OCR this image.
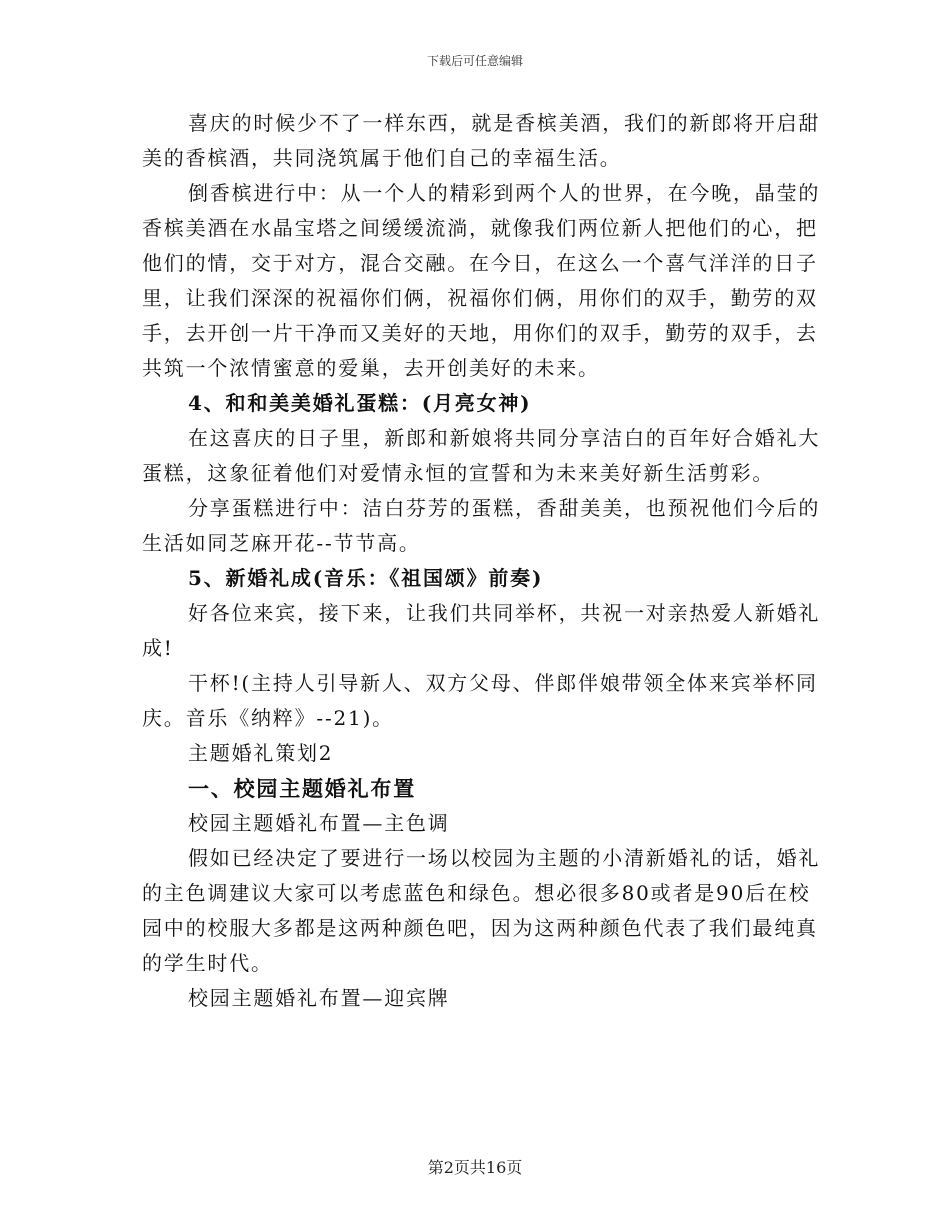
下载后可任意编辑

喜庆的时候少不了一样东西，就是香槟美酒，我们的新郎将开启甜美的香槟酒，共同浇筑属于他们自己的幸福生活。

倒香槟进行中：从一个人的精彩到两个人的世界，在今晚，晶莹的香槟美酒在水晶宝塔之间缓缓流淌，就像我们两位新人把他们的心，把他们的情，交于对方，混合交融。在今日，在这么一个喜气洋洋的日子里，让我们深深的祝福你们俩，祝福你们俩，用你们的双手，勤劳的双手，去开创一片干净而又美好的天地，用你们的双手，勤劳的双手，去共筑一个浓情蜜意的爱巢，去开创美好的未来。

4、和和美美婚礼蛋糕：(月亮女神)

在这喜庆的日子里，新郎和新娘将共同分享洁白的百年好合婚礼大蛋糕，这象征着他们对爱情永恒的宣誓和为未来美好新生活剪彩。

分享蛋糕进行中：洁白芬芳的蛋糕，香甜美美，也预祝他们今后的生活如同芝麻开花--节节高。

5、新婚礼成(音乐：《祖国颂》前奏)

好各位来宾，接下来，让我们共同举杯，共祝一对亲热爱人新婚礼成!

干杯!(主持人引导新人、双方父母、伴郎伴娘带领全体来宾举杯同庆。音乐《纳粹》--21)。

主题婚礼策划2

一、校园主题婚礼布置

校园主题婚礼布置—主色调

假如已经决定了要进行一场以校园为主题的小清新婚礼的话，婚礼的主色调建议大家可以考虑蓝色和绿色。想必很多80或者是90后在校园中的校服大多都是这两种颜色吧，因为这两种颜色代表了我们最纯真的学生时代。

校园主题婚礼布置—迎宾牌

第2页共16页
